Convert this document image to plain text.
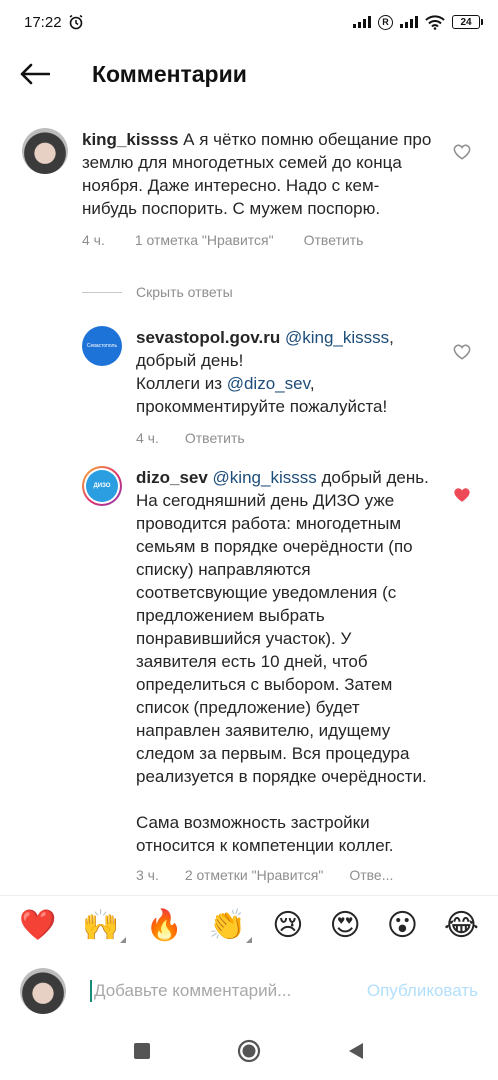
17:22	R	24
Комментарии
king_kissss А я чётко помню обещание про землю для многодетных семей до конца ноября. Даже интересно. Надо с кем-нибудь поспорить. С мужем поспорю.
4 ч. 1 отметка "Нравится" Ответить
Скрыть ответы
Севастополь sevastopol.gov.ru @king_kissss, добрый день!
Коллеги из @dizo_sev, прокомментируйте пожалуйста!
4 ч. Ответить
ДИЗО dizo_sev @king_kissss добрый день. На сегодняшний день ДИЗО уже проводится работа: многодетным семьям в порядке очерёдности (по списку) направляются соответсвующие уведомления (с предложением выбрать понравившийся участок). У заявителя есть 10 дней, чтоб определиться с выбором. Затем список (предложение) будет направлен заявителю, идущему следом за первым. Вся процедура реализуется в порядке очерёдности.

Сама возможность застройки относится к компетенции коллег.

3 ч. 2 отметки "Нравится" Отве...
❤️ 🙌 🔥 👏 😢 😍 😮 😂
Добавьте комментарий...
Опубликовать
